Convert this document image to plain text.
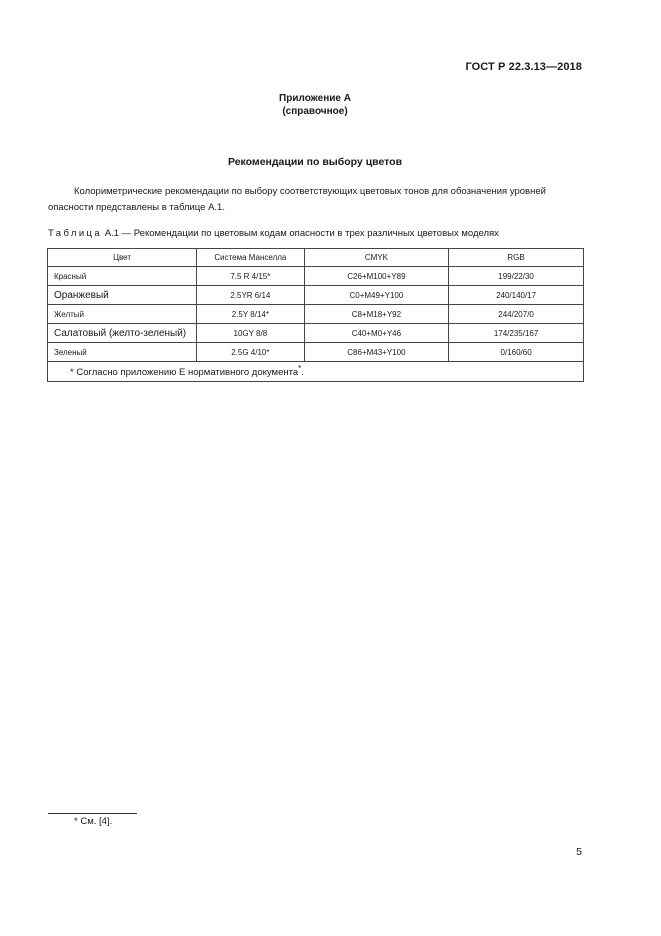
ГОСТ Р 22.3.13—2018
Приложение А
(справочное)
Рекомендации по выбору цветов
Колориметрические рекомендации по выбору соответствующих цветовых тонов для обозначения уровней опасности представлены в таблице А.1.
Таблица А.1 — Рекомендации по цветовым кодам опасности в трех различных цветовых моделях
Цвет	Система Манселла	CMYK	RGB
Красный	7.5 R 4/15*	C26+M100+Y89	199/22/30
Оранжевый	2.5YR 6/14	C0+M49+Y100	240/140/17
Желтый	2.5Y 8/14*	C8+M18+Y92	244/207/0
Салатовый (желто-зеленый)	10GY 8/8	C40+M0+Y46	174/235/167
Зеленый	2.5G 4/10*	C86+M43+Y100	0/160/60
* Согласно приложению Е нормативного документа*.			
* См. [4].
5
